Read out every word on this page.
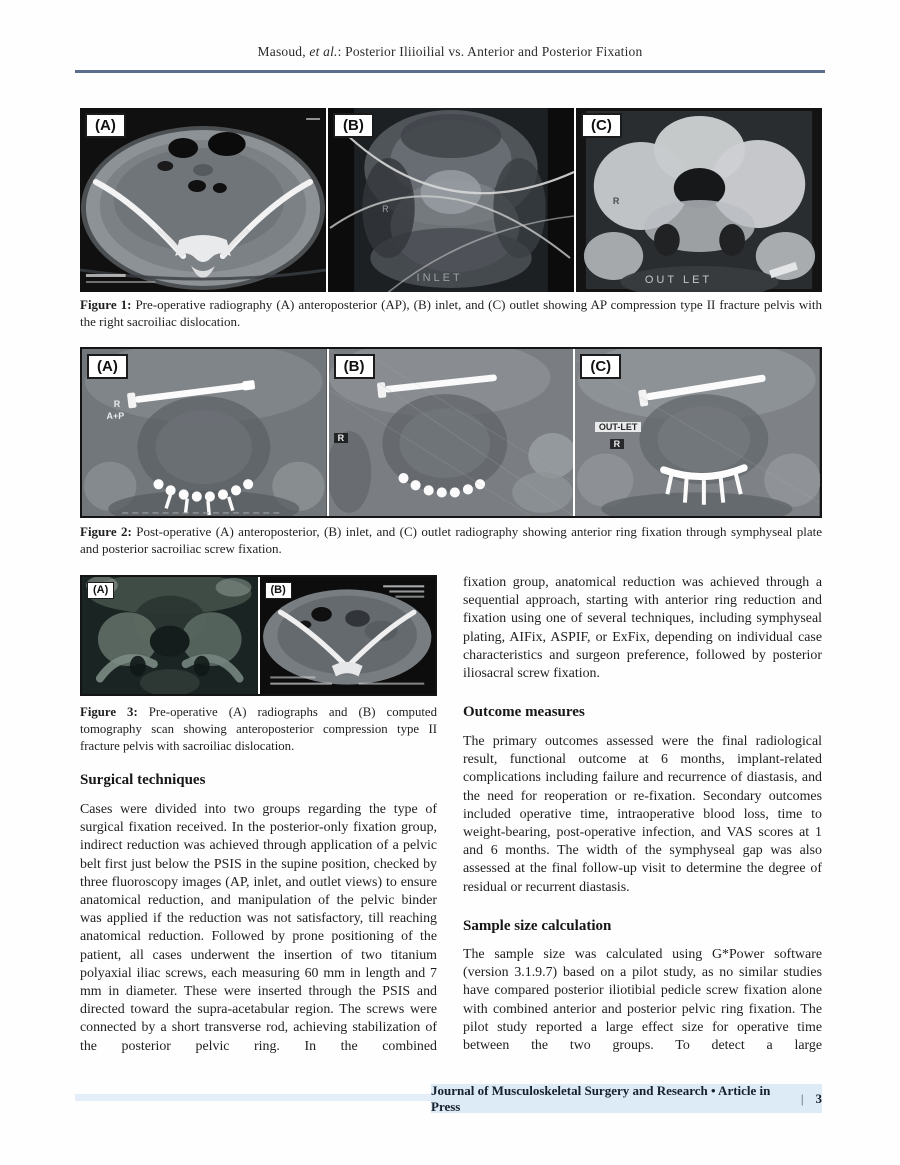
Masoud, et al.: Posterior Iliioilial vs. Anterior and Posterior Fixation

(A)	(B)
R
INLET
(C)
R
OUT LET

Figure 1: Pre-operative radiography (A) anteroposterior (AP), (B) inlet, and (C) outlet showing AP compression type II fracture pelvis with the right sacroiliac dislocation.

(A)
R
A+P
(B)
R
(C)
OUT-LET
R

Figure 2: Post-operative (A) anteroposterior, (B) inlet, and (C) outlet radiography showing anterior ring fixation through symphyseal plate and posterior sacroiliac screw fixation.

(A)	(B)

Figure 3: Pre-operative (A) radiographs and (B) computed tomography scan showing anteroposterior compression type II fracture pelvis with sacroiliac dislocation.

Surgical techniques

Cases were divided into two groups regarding the type of surgical fixation received. In the posterior-only fixation group, indirect reduction was achieved through application of a pelvic belt first just below the PSIS in the supine position, checked by three fluoroscopy images (AP, inlet, and outlet views) to ensure anatomical reduction, and manipulation of the pelvic binder was applied if the reduction was not satisfactory, till reaching anatomical reduction. Followed by prone positioning of the patient, all cases underwent the insertion of two titanium polyaxial iliac screws, each measuring 60 mm in length and 7 mm in diameter. These were inserted through the PSIS and directed toward the supra-acetabular region. The screws were connected by a short transverse rod, achieving stabilization of the posterior pelvic ring. In the combined

fixation group, anatomical reduction was achieved through a sequential approach, starting with anterior ring reduction and fixation using one of several techniques, including symphyseal plating, AIFix, ASPIF, or ExFix, depending on individual case characteristics and surgeon preference, followed by posterior iliosacral screw fixation.

Outcome measures

The primary outcomes assessed were the final radiological result, functional outcome at 6 months, implant-related complications including failure and recurrence of diastasis, and the need for reoperation or re-fixation. Secondary outcomes included operative time, intraoperative blood loss, time to weight-bearing, post-operative infection, and VAS scores at 1 and 6 months. The width of the symphyseal gap was also assessed at the final follow-up visit to determine the degree of residual or recurrent diastasis.

Sample size calculation

The sample size was calculated using G*Power software (version 3.1.9.7) based on a pilot study, as no similar studies have compared posterior iliotibial pedicle screw fixation alone with combined anterior and posterior pelvic ring fixation. The pilot study reported a large effect size for operative time between the two groups. To detect a large

Journal of Musculoskeletal Surgery and Research • Article in Press
| 3
